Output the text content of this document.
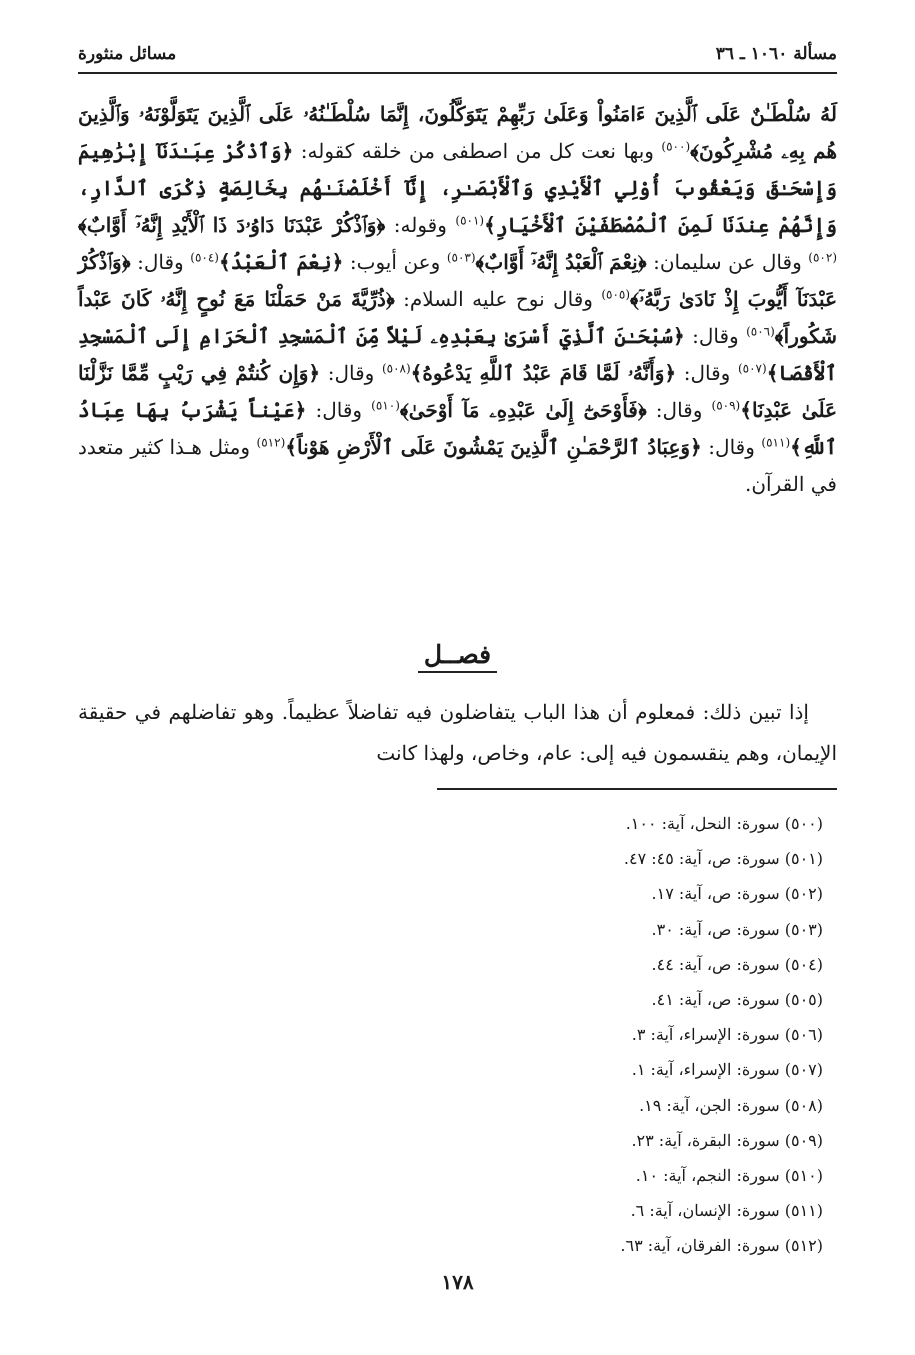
مسألة ١٠٦٠ ـ ٣٦
مسائل منثورة

لَهُ سُلْطَـٰنٌ عَلَى ٱلَّذِينَ ءَامَنُواْ وَعَلَىٰ رَبِّهِمْ يَتَوَكَّلُونَ، إِنَّمَا سُلْطَـٰنُهُۥ عَلَى ٱلَّذِينَ يَتَوَلَّوْنَهُۥ وَٱلَّذِينَ هُم بِهِۦ مُشْرِكُونَ﴾$^{(٥٠٠)}$ وبها نعت كل من اصطفى من خلقه كقوله: ﴿وَٱذْكُرْ عِبَـٰدَنَآ إِبْرَٰهِيمَ وَإِسْحَـٰقَ وَيَعْقُوبَ أُوْلِي ٱلْأَيْدِي وَٱلْأَبْصَـٰرِ، إِنَّآ أَخْلَصْنَـٰهُم بِخَالِصَةٍ ذِكْرَى ٱلدَّارِ، وَإِنَّهُمْ عِندَنَا لَمِنَ ٱلْمُصْطَفَيْنَ ٱلْأَخْيَارِ﴾$^{(٥٠١)}$ وقوله: ﴿وَٱذْكُرْ عَبْدَنَا دَاوُۥدَ ذَا ٱلْأَيْدِ إِنَّهُۥٓ أَوَّابٌ﴾$^{(٥٠٢)}$ وقال عن سليمان: ﴿نِعْمَ ٱلْعَبْدُ إِنَّهُۥٓ أَوَّابٌ﴾$^{(٥٠٣)}$ وعن أيوب: ﴿نِعْمَ ٱلْعَبْدُ﴾$^{(٥٠٤)}$ وقال: ﴿وَٱذْكُرْ عَبْدَنَآ أَيُّوبَ إِذْ نَادَىٰ رَبَّهُۥٓ﴾$^{(٥٠٥)}$ وقال نوح عليه السلام: ﴿ذُرِّيَّةَ مَنْ حَمَلْنَا مَعَ نُوحٍ إِنَّهُۥ كَانَ عَبْداً شَكُوراً﴾$^{(٥٠٦)}$ وقال: ﴿سُبْحَـٰنَ ٱلَّذِيٓ أَسْرَىٰ بِعَبْدِهِۦ لَيْلاً مِّنَ ٱلْمَسْجِدِ ٱلْحَرَامِ إِلَى ٱلْمَسْجِدِ ٱلْأَقْصَا﴾$^{(٥٠٧)}$ وقال: ﴿وَأَنَّهُۥ لَمَّا قَامَ عَبْدُ ٱللَّهِ يَدْعُوهُ﴾$^{(٥٠٨)}$ وقال: ﴿وَإِن كُنتُمْ فِي رَيْبٍ مِّمَّا نَزَّلْنَا عَلَىٰ عَبْدِنَا﴾$^{(٥٠٩)}$ وقال: ﴿فَأَوْحَىٰٓ إِلَىٰ عَبْدِهِۦ مَآ أَوْحَىٰ﴾$^{(٥١٠)}$ وقال: ﴿عَيْناً يَشْرَبُ بِهَا عِبَادُ ٱللَّهِ﴾$^{(٥١١)}$ وقال: ﴿وَعِبَادُ ٱلرَّحْمَـٰنِ ٱلَّذِينَ يَمْشُونَ عَلَى ٱلْأَرْضِ هَوْناً﴾$^{(٥١٢)}$ ومثل هـذا كثير متعدد في القرآن.

فصــل

إذا تبين ذلك: فمعلوم أن هذا الباب يتفاضلون فيه تفاضلاً عظيماً. وهو تفاضلهم في حقيقة الإيمان، وهم ينقسمون فيه إلى: عام، وخاص، ولهذا كانت

(٥٠٠) سورة: النحل، آية: ١٠٠.
(٥٠١) سورة: ص، آية: ٤٥: ٤٧.
(٥٠٢) سورة: ص، آية: ١٧.
(٥٠٣) سورة: ص، آية: ٣٠.
(٥٠٤) سورة: ص، آية: ٤٤.
(٥٠٥) سورة: ص، آية: ٤١.
(٥٠٦) سورة: الإسراء، آية: ٣.
(٥٠٧) سورة: الإسراء، آية: ١.
(٥٠٨) سورة: الجن، آية: ١٩.
(٥٠٩) سورة: البقرة، آية: ٢٣.
(٥١٠) سورة: النجم، آية: ١٠.
(٥١١) سورة: الإنسان، آية: ٦.
(٥١٢) سورة: الفرقان، آية: ٦٣.
١٧٨
